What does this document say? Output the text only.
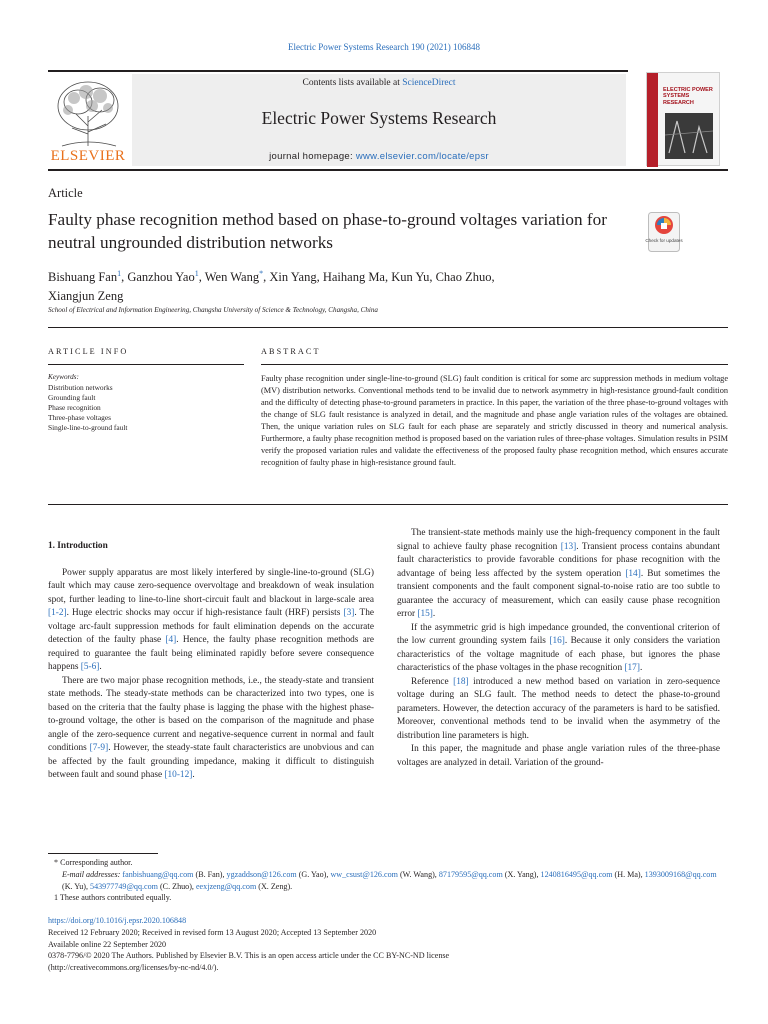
Electric Power Systems Research 190 (2021) 106848
ELSEVIER
Contents lists available at ScienceDirect
Electric Power Systems Research
journal homepage: www.elsevier.com/locate/epsr
ELECTRIC POWER SYSTEMS RESEARCH
Article
Faulty phase recognition method based on phase-to-ground voltages variation for neutral ungrounded distribution networks	Check for updates
Bishuang Fan$^1$, Ganzhou Yao$^1$, Wen Wang*, Xin Yang, Haihang Ma, Kun Yu, Chao Zhuo,
Xiangjun Zeng
School of Electrical and Information Engineering, Changsha University of Science & Technology, Changsha, China
ARTICLE INFO
Keywords:
Distribution networks
Grounding fault
Phase recognition
Three-phase voltages
Single-line-to-ground fault
ABSTRACT
Faulty phase recognition under single-line-to-ground (SLG) fault condition is critical for some arc suppression methods in medium voltage (MV) distribution networks. Conventional methods tend to be invalid due to network asymmetry in high-resistance ground-fault condition and the difficulty of detecting phase-to-ground parameters in practice. In this paper, the variation of the three phase-to-ground voltages with the change of SLG fault resistance is analyzed in detail, and the magnitude and phase angle variation rules of the voltages are obtained. Then, the unique variation rules on SLG fault for each phase are separately and strictly discussed in theory and numerical analysis. Furthermore, a faulty phase recognition method is proposed based on the variation rules of three-phase voltages. Simulation results in PSIM verify the proposed variation rules and validate the effectiveness of the proposed faulty phase recognition method, which ensures accurate recognition of faulty phase in high-resistance ground fault.
1. Introduction

Power supply apparatus are most likely interfered by single-line-to-ground (SLG) fault which may cause zero-sequence overvoltage and breakdown of weak insulation spot, further leading to line-to-line short-circuit fault and blackout in large-scale area [1-2]. Huge electric shocks may occur if high-resistance fault (HRF) persists [3]. The voltage arc-fault suppression methods for fault elimination depends on the accurate detection of the faulty phase [4]. Hence, the faulty phase recognition methods are required to guarantee the fault being eliminated rapidly before severe consequence happens [5-6].

There are two major phase recognition methods, i.e., the steady-state and transient state methods. The steady-state methods can be characterized into two types, one is based on the criteria that the faulty phase is lagging the phase with the highest phase-to-ground voltage, the other is based on the comparison of the magnitude and phase angle of the zero-sequence current and negative-sequence current in normal and fault conditions [7-9]. However, the steady-state fault characteristics are unobvious and can be affected by the fault grounding impedance, making it difficult to distinguish between fault and sound phase [10-12].

The transient-state methods mainly use the high-frequency component in the fault signal to achieve faulty phase recognition [13]. Transient process contains abundant fault characteristics to provide favorable conditions for phase recognition with the advantage of being less affected by the system operation [14]. But sometimes the transient components and the fault component signal-to-noise ratio are too subtle to guarantee the accuracy of measurement, which can easily cause phase recognition error [15].

If the asymmetric grid is high impedance grounded, the conventional criterion of the low current grounding system fails [16]. Because it only considers the variation characteristics of the voltage magnitude of each phase, but ignores the phase characteristics of the phase voltages in the phase recognition [17].

Reference [18] introduced a new method based on variation in zero-sequence voltage during an SLG fault. The method needs to detect the phase-to-ground parameters. However, the detection accuracy of the parameters is hard to be satisfied. Moreover, conventional methods tend to be invalid when the asymmetry of the distribution line parameters is high.

In this paper, the magnitude and phase angle variation rules of the three-phase voltages are analyzed in detail. Variation of the ground-

* Corresponding author.
E-mail addresses: fanbishuang@qq.com (B. Fan), ygzaddson@126.com (G. Yao), ww_csust@126.com (W. Wang), 87179595@qq.com (X. Yang), 1240816495@qq.com (H. Ma), 1393009168@qq.com (K. Yu), 543977749@qq.com (C. Zhuo), eexjzeng@qq.com (X. Zeng).
1 These authors contributed equally.
https://doi.org/10.1016/j.epsr.2020.106848
Received 12 February 2020; Received in revised form 13 August 2020; Accepted 13 September 2020
Available online 22 September 2020
0378-7796/© 2020 The Authors. Published by Elsevier B.V. This is an open access article under the CC BY-NC-ND license
(http://creativecommons.org/licenses/by-nc-nd/4.0/).
